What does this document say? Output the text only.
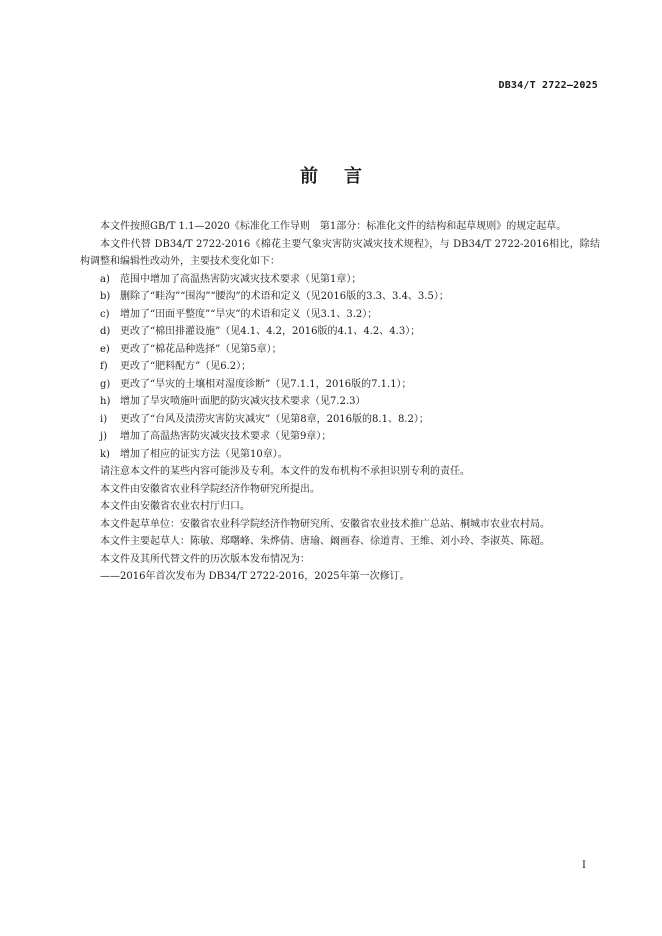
DB34/T 2722—2025
前言

本文件按照GB/T 1.1—2020《标准化工作导则　第1部分：标准化文件的结构和起草规则》的规定起草。

本文件代替 DB34/T 2722-2016《棉花主要气象灾害防灾减灾技术规程》，与 DB34/T 2722-2016相比，除结构调整和编辑性改动外，主要技术变化如下：

a) 范围中增加了高温热害防灾减灾技术要求（见第1章）；

b) 删除了“畦沟”“围沟”“腰沟”的术语和定义（见2016版的3.3、3.4、3.5）；

c) 增加了“田面平整度”“旱灾”的术语和定义（见3.1、3.2）；

d) 更改了“棉田排灌设施”（见4.1、4.2，2016版的4.1、4.2、4.3）；

e) 更改了“棉花品种选择”（见第5章）；

f) 更改了“肥料配方”（见6.2）；

g) 更改了“旱灾的土壤相对湿度诊断”（见7.1.1，2016版的7.1.1）；

h) 增加了旱灾喷施叶面肥的防灾减灾技术要求（见7.2.3）

i) 更改了“台风及渍涝灾害防灾减灾”（见第8章，2016版的8.1、8.2）；

j) 增加了高温热害防灾减灾技术要求（见第9章）；

k) 增加了相应的证实方法（见第10章）。

请注意本文件的某些内容可能涉及专利。本文件的发布机构不承担识别专利的责任。

本文件由安徽省农业科学院经济作物研究所提出。

本文件由安徽省农业农村厅归口。

本文件起草单位：安徽省农业科学院经济作物研究所、安徽省农业技术推广总站、桐城市农业农村局。

本文件主要起草人：陈敏、郑曙峰、朱烨倩、唐瑜、阚画春、徐道青、王维、刘小玲、李淑英、陈超。

本文件及其所代替文件的历次版本发布情况为：

——2016年首次发布为 DB34/T 2722-2016，2025年第一次修订。

I
